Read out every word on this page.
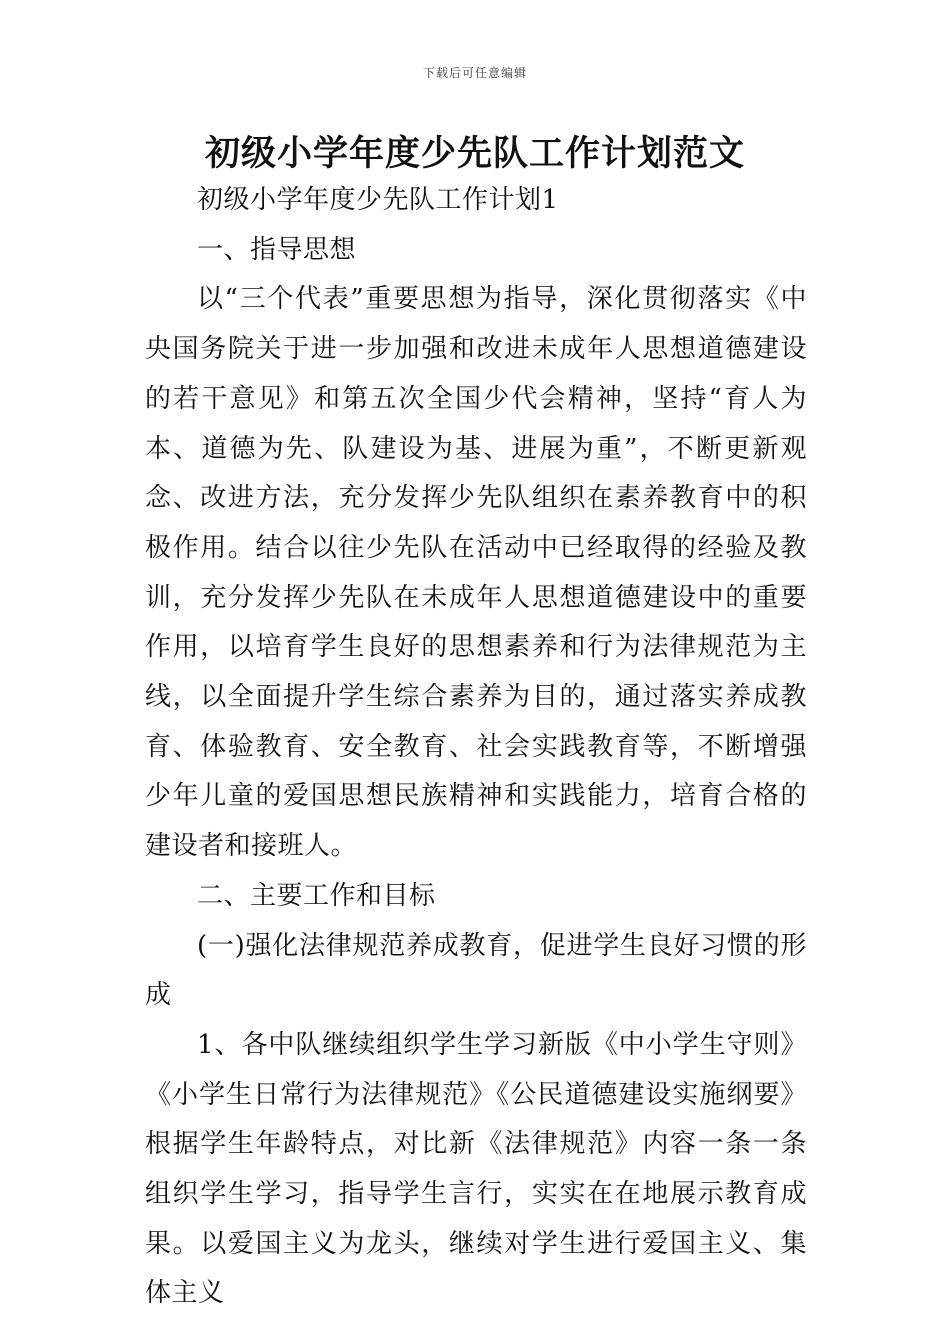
下载后可任意编辑
初级小学年度少先队工作计划范文

初级小学年度少先队工作计划1

一、指导思想

以“三个代表”重要思想为指导，深化贯彻落实《中央国务院关于进一步加强和改进未成年人思想道德建设的若干意见》和第五次全国少代会精神，坚持“育人为本、道德为先、队建设为基、进展为重”，不断更新观念、改进方法，充分发挥少先队组织在素养教育中的积极作用。结合以往少先队在活动中已经取得的经验及教训，充分发挥少先队在未成年人思想道德建设中的重要作用，以培育学生良好的思想素养和行为法律规范为主线，以全面提升学生综合素养为目的，通过落实养成教育、体验教育、安全教育、社会实践教育等，不断增强少年儿童的爱国思想民族精神和实践能力，培育合格的建设者和接班人。

二、主要工作和目标

(一)强化法律规范养成教育，促进学生良好习惯的形成

1、各中队继续组织学生学习新版《中小学生守则》《小学生日常行为法律规范》《公民道德建设实施纲要》根据学生年龄特点，对比新《法律规范》内容一条一条组织学生学习，指导学生言行，实实在在地展示教育成果。以爱国主义为龙头，继续对学生进行爱国主义、集体主义
